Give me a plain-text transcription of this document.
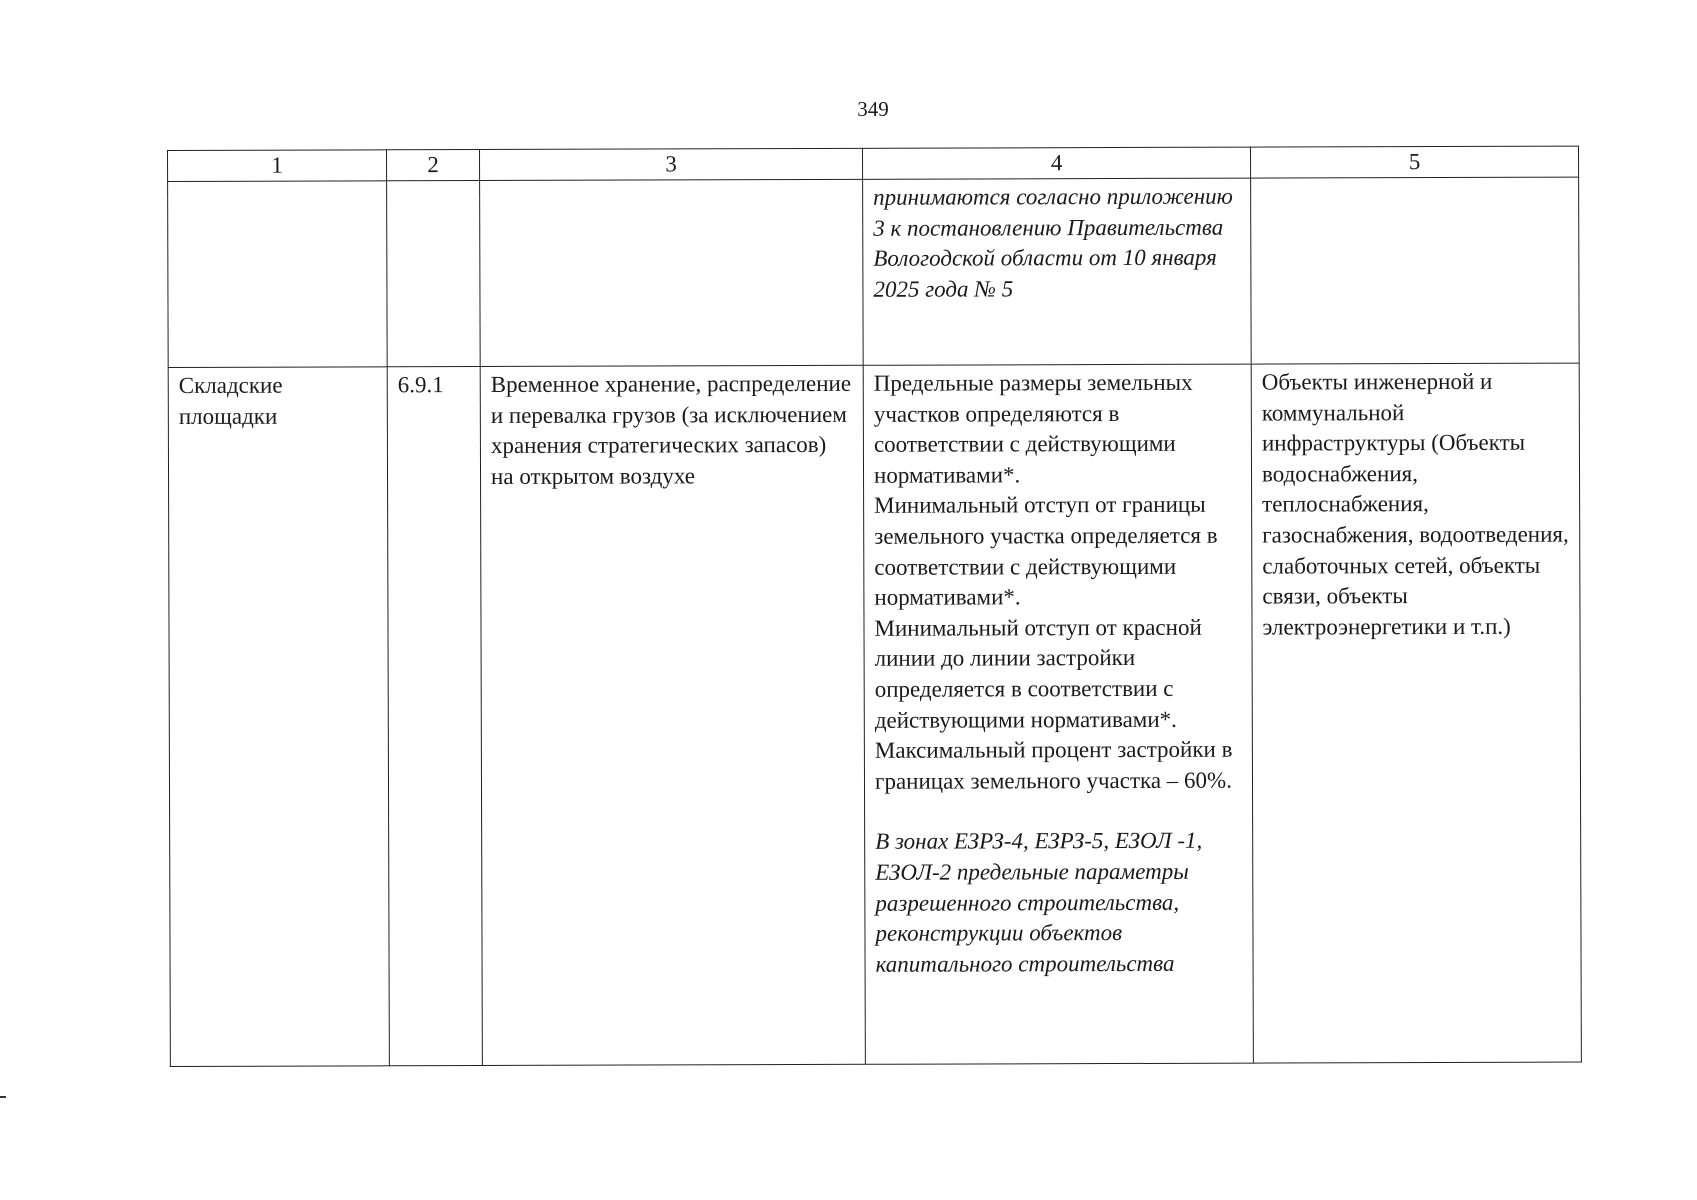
349
1	2	3	4	5
			принимаются согласно приложению 3 к постановлению Правительства Вологодской области от 10 января 2025 года № 5	
Складские площадки	6.9.1	Временное хранение, распределение и перевалка грузов (за исключением хранения стратегических запасов) на открытом воздухе	Предельные размеры земельных участков определяются в соответствии с действующими нормативами*.
Минимальный отступ от границы земельного участка определяется в соответствии с действующими нормативами*.
Минимальный отступ от красной линии до линии застройки определяется в соответствии с действующими нормативами*.
Максимальный процент застройки в границах земельного участка – 60%.
В зонах ЕЗРЗ-4, ЕЗРЗ-5, ЕЗОЛ -1, ЕЗОЛ-2 предельные параметры разрешенного строительства, реконструкции объектов капитального строительства	Объекты инженерной и коммунальной инфраструктуры (Объекты водоснабжения, теплоснабжения, газоснабжения, водоотведения, слаботочных сетей, объекты связи, объекты электроэнергетики и т.п.)
